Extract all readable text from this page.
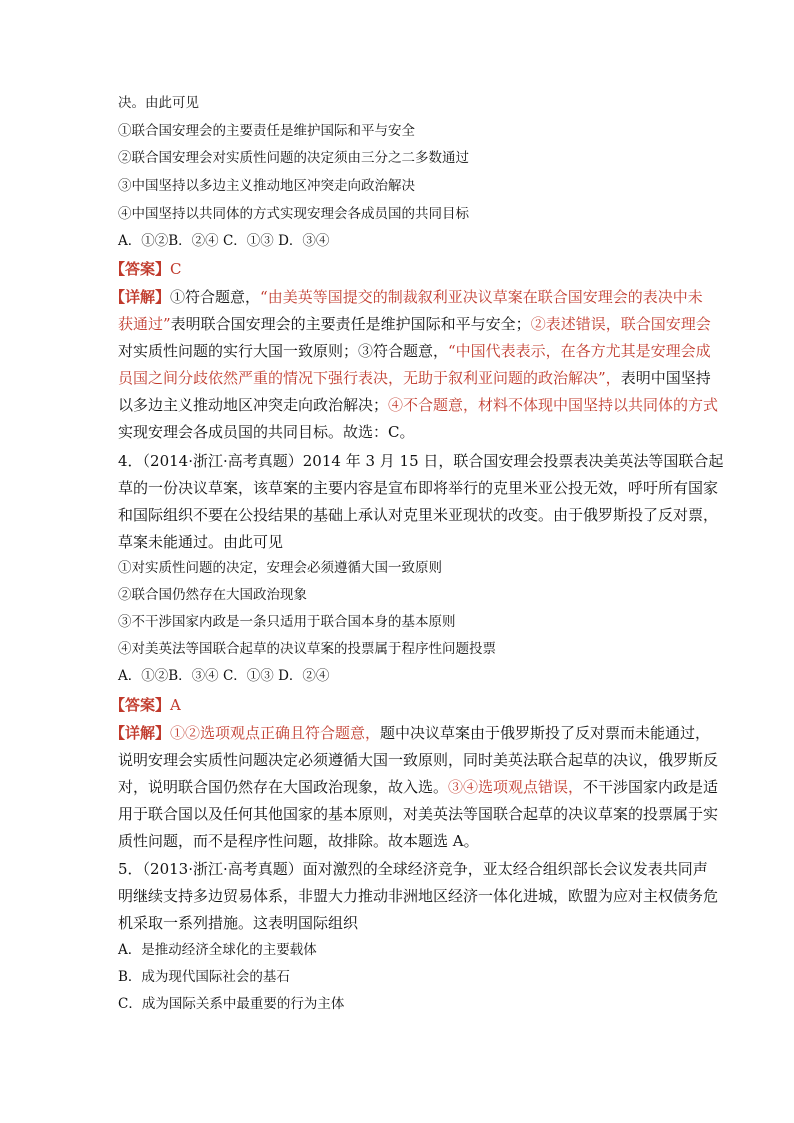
决。由此可见
①联合国安理会的主要责任是维护国际和平与安全
②联合国安理会对实质性问题的决定须由三分之二多数通过
③中国坚持以多边主义推动地区冲突走向政治解决
④中国坚持以共同体的方式实现安理会各成员国的共同目标
A．①②B．②④ C．①③ D．③④
【答案】C
【详解】①符合题意，“由美英等国提交的制裁叙利亚决议草案在联合国安理会的表决中未
获通过”表明联合国安理会的主要责任是维护国际和平与安全；②表述错误，联合国安理会
对实质性问题的实行大国一致原则；③符合题意，“中国代表表示，在各方尤其是安理会成
员国之间分歧依然严重的情况下强行表决，无助于叙利亚问题的政治解决”，表明中国坚持
以多边主义推动地区冲突走向政治解决；④不合题意，材料不体现中国坚持以共同体的方式
实现安理会各成员国的共同目标。故选：C。
4．（2014·浙江·高考真题）2014 年 3 月 15 日，联合国安理会投票表决美英法等国联合起
草的一份决议草案，该草案的主要内容是宣布即将举行的克里米亚公投无效，呼吁所有国家
和国际组织不要在公投结果的基础上承认对克里米亚现状的改变。由于俄罗斯投了反对票，
草案未能通过。由此可见
①对实质性问题的决定，安理会必须遵循大国一致原则
②联合国仍然存在大国政治现象
③不干涉国家内政是一条只适用于联合国本身的基本原则
④对美英法等国联合起草的决议草案的投票属于程序性问题投票
A．①②B．③④ C．①③ D．②④
【答案】A
【详解】①②选项观点正确且符合题意，题中决议草案由于俄罗斯投了反对票而未能通过，
说明安理会实质性问题决定必须遵循大国一致原则，同时美英法联合起草的决议，俄罗斯反
对，说明联合国仍然存在大国政治现象，故入选。③④选项观点错误，不干涉国家内政是适
用于联合国以及任何其他国家的基本原则，对美英法等国联合起草的决议草案的投票属于实
质性问题，而不是程序性问题，故排除。故本题选 A。
5．（2013·浙江·高考真题）面对激烈的全球经济竞争，亚太经合组织部长会议发表共同声
明继续支持多边贸易体系，非盟大力推动非洲地区经济一体化进城，欧盟为应对主权债务危
机采取一系列措施。这表明国际组织
A．是推动经济全球化的主要载体
B．成为现代国际社会的基石
C．成为国际关系中最重要的行为主体
